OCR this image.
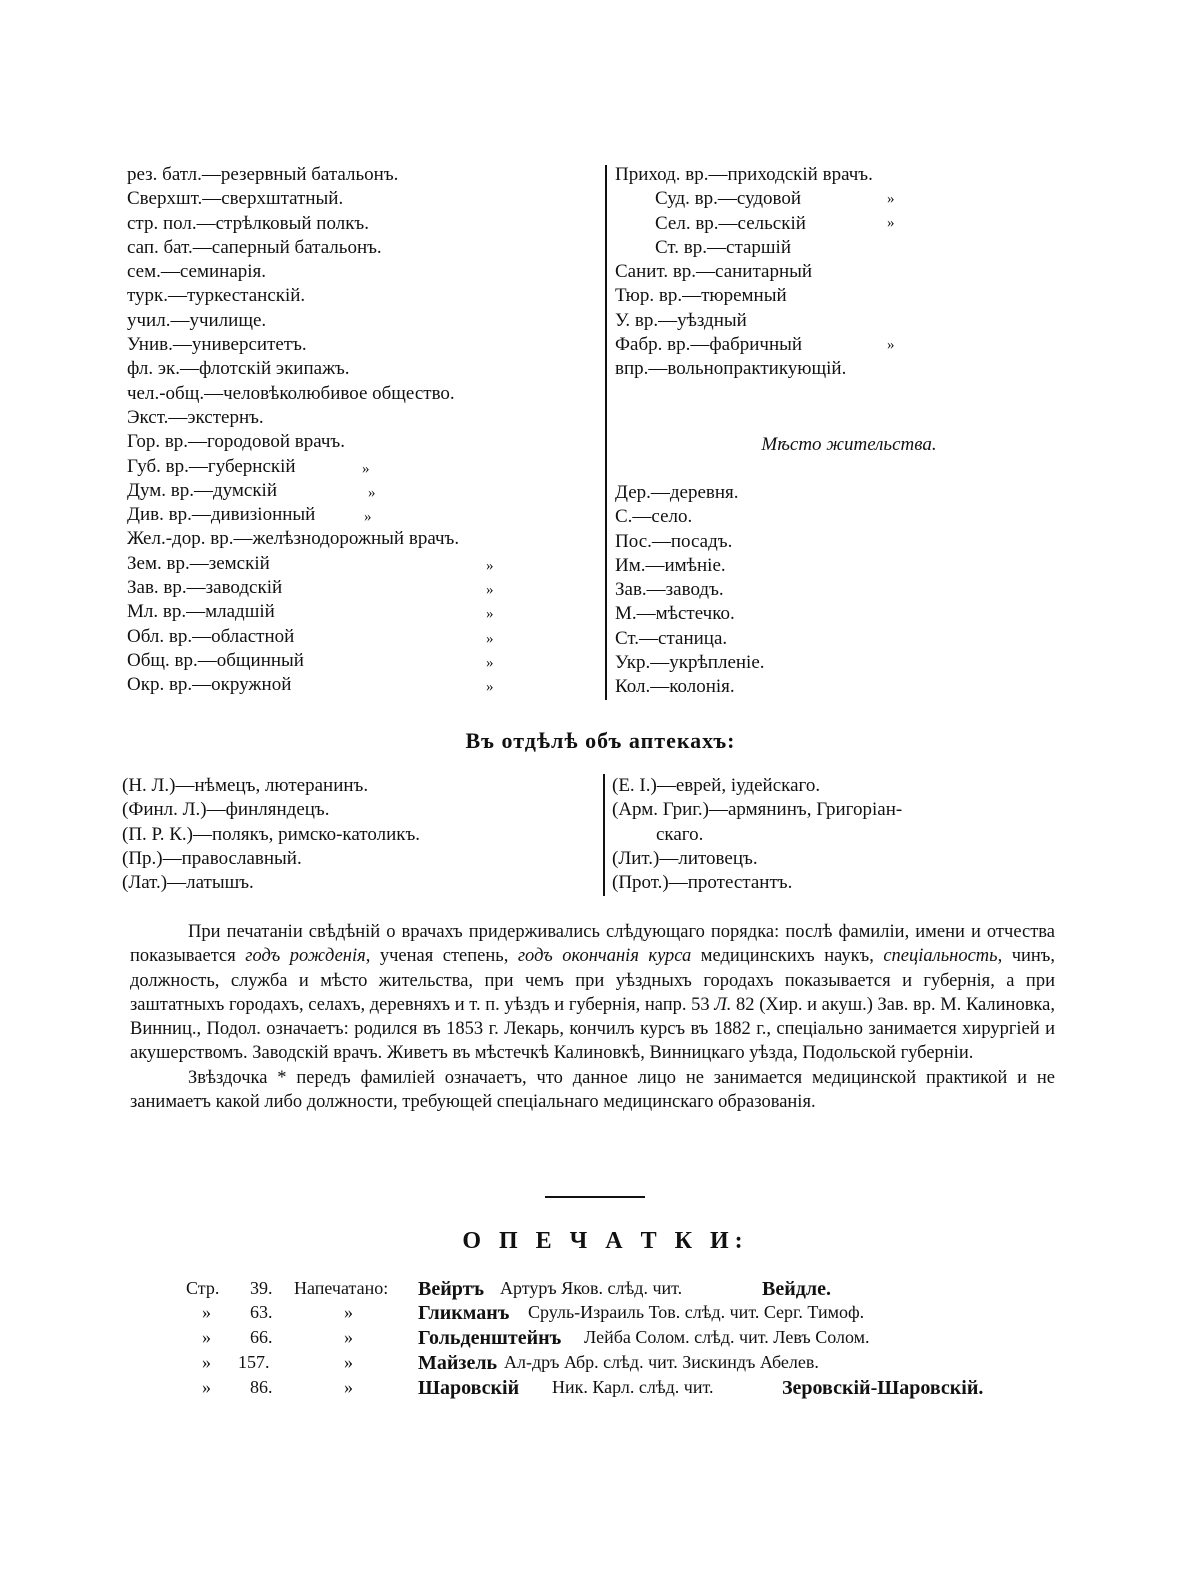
рез. батл.—резервный батальонъ.
Сверхшт.—сверхштатный.
стр. пол.—стрѣлковый полкъ.
сап. бат.—саперный батальонъ.
сем.—семинарія.
турк.—туркестанскій.
учил.—училище.
Унив.—университетъ.
фл. эк.—флотскій экипажъ.
чел.-общ.—человѣколюбивое общество.
Экст.—экстернъ.
Гор. вр.—городовой врачъ.
Губ. вр.—губернскій
Дум. вр.—думскій
Див. вр.—дивизіонный
Жел.-дор. вр.—желѣзнодорожный врачъ.
Зем. вр.—земскій
Зав. вр.—заводскій
Мл. вр.—младшій
Обл. вр.—областной
Общ. вр.—общинный
Окр. вр.—окружной
»
»
»
»
»
»
»
»
»
Приход. вр.—приходскій врачъ.
Суд. вр.—судовой
Сел. вр.—сельскій
Ст. вр.—старшій
Санит. вр.—санитарный
Тюр. вр.—тюремный
У. вр.—уѣздный
Фабр. вр.—фабричный
впр.—вольнопрактикующій.
»
»
»
Мѣсто жительства.
Дер.—деревня.
С.—село.
Пос.—посадъ.
Им.—имѣніе.
Зав.—заводъ.
М.—мѣстечко.
Ст.—станица.
Укр.—укрѣпленіе.
Кол.—колонія.
Въ отдѣлѣ объ аптекахъ:
(Н. Л.)—нѣмецъ, лютеранинъ.
(Финл. Л.)—финляндецъ.
(П. Р. К.)—полякъ, римско-католикъ.
(Пр.)—православный.
(Лат.)—латышъ.
(Е. I.)—еврей, іудейскаго.
(Арм. Григ.)—армянинъ, Григоріан-
скаго.
(Лит.)—литовецъ.
(Прот.)—протестантъ.

При печатаніи свѣдѣній о врачахъ придерживались слѣдующаго порядка: послѣ фамиліи, имени и отчества показывается годъ рожденія, ученая степень, годъ окончанія курса медицинскихъ наукъ, спеціальность, чинъ, должность, служба и мѣсто жительства, при чемъ при уѣздныхъ городахъ показывается и губернія, а при заштатныхъ городахъ, селахъ, деревняхъ и т. п. уѣздъ и губернія, напр. 53 Л. 82 (Хир. и акуш.) Зав. вр. М. Калиновка, Винниц., Подол. означаетъ: родился въ 1853 г. Лекарь, кончилъ курсъ въ 1882 г., спеціально занимается хирургіей и акушерствомъ. Заводскій врачъ. Живетъ въ мѣстечкѣ Калиновкѣ, Винницкаго уѣзда, Подольской губерніи.

Звѣздочка * передъ фамиліей означаетъ, что данное лицо не занимается медицинской практикой и не занимаетъ какой либо должности, требующей спеціальнаго медицинскаго образованія.

О П Е Ч А Т К И:
Стр. 39. Напечатано: Вейртъ Артуръ Яков. слѣд. чит.	Вейдле.
» 63.	»	Гликманъ Сруль-Израиль Тов. слѣд. чит. Серг. Тимоф.
» 66.	»	Гольденштейнъ Лейба Солом. слѣд. чит. Левъ Солом.
» 157.	»	Майзель Ал-дръ Абр. слѣд. чит. Зискиндъ Абелев.
» 86.	»	Шаровскій Ник. Карл. слѣд. чит.	Зеровскій-Шаровскій.
